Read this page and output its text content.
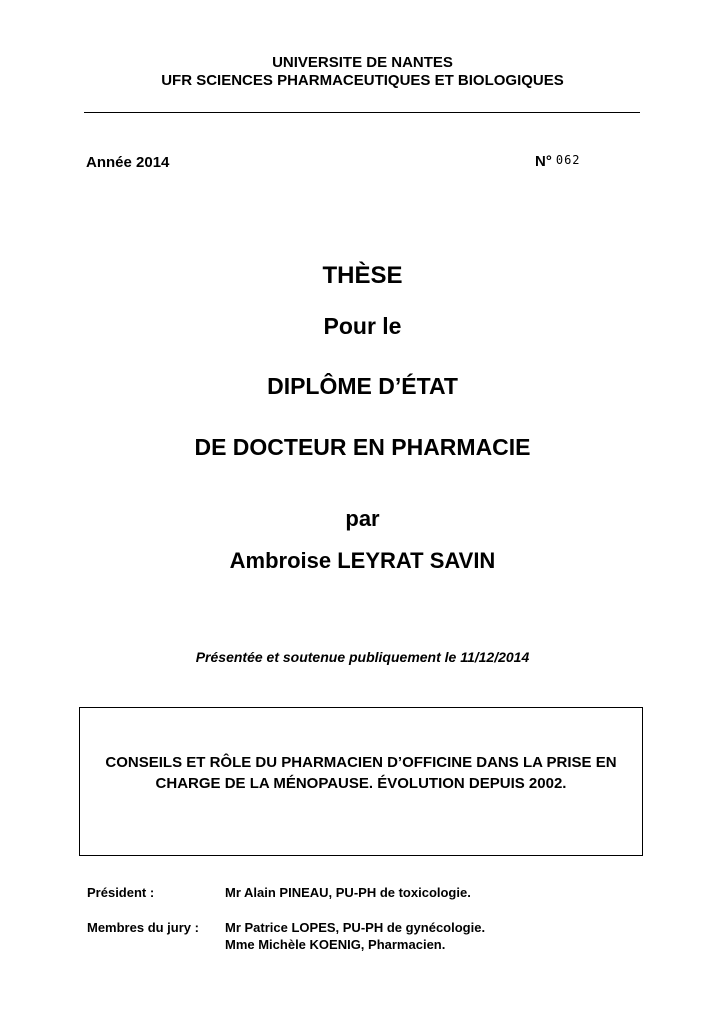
UNIVERSITE DE NANTES
UFR SCIENCES PHARMACEUTIQUES ET BIOLOGIQUES
Année 2014	N° 062
THÈSE
Pour le
DIPLÔME D’ÉTAT
DE DOCTEUR EN PHARMACIE
par
Ambroise LEYRAT SAVIN
Présentée et soutenue publiquement le 11/12/2014
CONSEILS ET RÔLE DU PHARMACIEN D’OFFICINE DANS LA PRISE EN CHARGE DE LA MÉNOPAUSE. ÉVOLUTION DEPUIS 2002.
Président :	Mr Alain PINEAU, PU-PH de toxicologie.
Membres du jury : Mr Patrice LOPES, PU-PH de gynécologie.
Mme Michèle KOENIG, Pharmacien.
